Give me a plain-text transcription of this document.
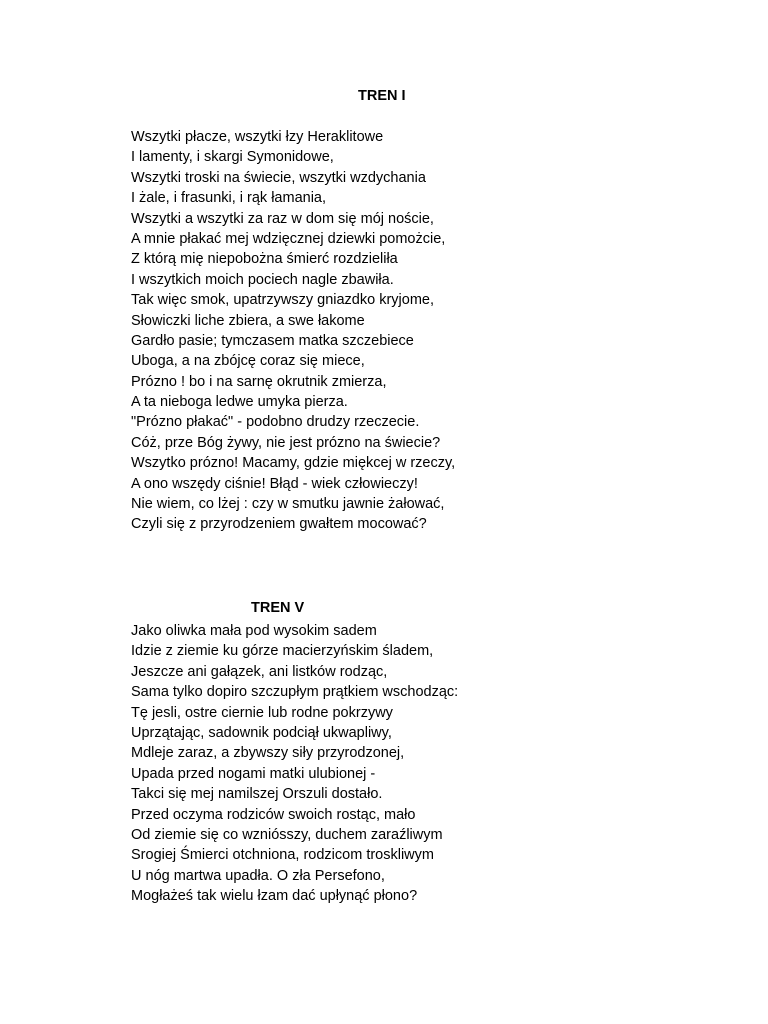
TREN I
Wszytki płacze, wszytki łzy Heraklitowe
I lamenty, i skargi Symonidowe,
Wszytki troski na świecie, wszytki wzdychania
I żale, i frasunki, i rąk łamania,
Wszytki a wszytki za raz w dom się mój noście,
A mnie płakać mej wdzięcznej dziewki pomożcie,
Z którą mię niepobożna śmierć rozdzieliła
I wszytkich moich pociech nagle zbawiła.
Tak więc smok, upatrzywszy gniazdko kryjome,
Słowiczki liche zbiera, a swe łakome
Gardło pasie; tymczasem matka szczebiece
Uboga, a na zbójcę coraz się miece,
Prózno ! bo i na sarnę okrutnik zmierza,
A ta nieboga ledwe umyka pierza.
"Prózno płakać" - podobno drudzy rzeczecie.
Cóż, prze Bóg żywy, nie jest prózno na świecie?
Wszytko prózno! Macamy, gdzie miękcej w rzeczy,
A ono wszędy ciśnie! Błąd - wiek człowieczy!
Nie wiem, co lżej : czy w smutku jawnie żałować,
Czyli się z przyrodzeniem gwałtem mocować?
TREN V
Jako oliwka mała pod wysokim sadem
Idzie z ziemie ku górze macierzyńskim śladem,
Jeszcze ani gałązek, ani listków rodząc,
Sama tylko dopiro szczupłym prątkiem wschodząc:
Tę jesli, ostre ciernie lub rodne pokrzywy
Uprzątając, sadownik podciął ukwapliwy,
Mdleje zaraz, a zbywszy siły przyrodzonej,
Upada przed nogami matki ulubionej -
Takci się mej namilszej Orszuli dostało.
Przed oczyma rodziców swoich rostąc, mało
Od ziemie się co wzniósszy, duchem zaraźliwym
Srogiej Śmierci otchniona, rodzicom troskliwym
U nóg martwa upadła. O zła Persefono,
Mogłażeś tak wielu łzam dać upłynąć płono?
